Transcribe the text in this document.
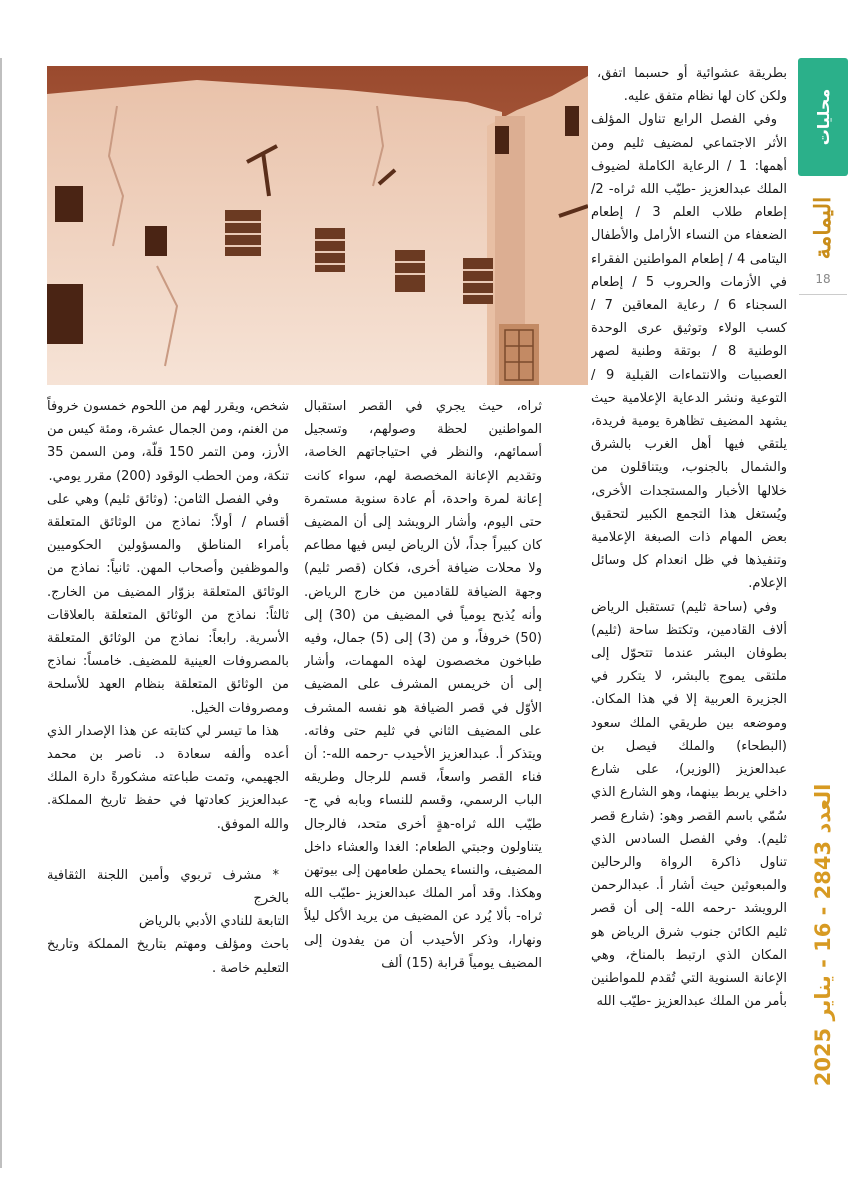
محليات
اليمامة
18
العدد 2843 - 16 - يناير 2025

بطريقة عشوائية أو حسبما اتفق، ولكن كان لها نظام متفق عليه.

وفي الفصل الرابع تناول المؤلف الأثر الاجتماعي لمضيف ثليم ومن أهمها: 1 / الرعاية الكاملة لضيوف الملك عبدالعزيز -طيّب الله ثراه- 2/ إطعام طلاب العلم 3 / إطعام الضعفاء من النساء الأرامل والأطفال اليتامى 4 / إطعام المواطنين الفقراء في الأزمات والحروب 5 / إطعام السجناء 6 / رعاية المعاقين 7 / كسب الولاء وتوثيق عرى الوحدة الوطنية 8 / بوتقة وطنية لصهر العصبيات والانتماءات القبلية 9 / التوعية ونشر الدعاية الإعلامية حيث يشهد المضيف تظاهرة يومية فريدة، يلتقي فيها أهل الغرب بالشرق والشمال بالجنوب، ويتناقلون من خلالها الأخبار والمستجدات الأخرى، ويُستغل هذا التجمع الكبير لتحقيق بعض المهام ذات الصبغة الإعلامية وتنفيذها في ظل انعدام كل وسائل الإعلام.

وفي (ساحة ثليم) تستقبل الرياض ألاف القادمين، وتكتظ ساحة (ثليم) بطوفان البشر عندما تتحوّل إلى ملتقى يموج بالبشر، لا يتكرر في الجزيرة العربية إلا في هذا المكان. وموضعه بين طريقي الملك سعود (البطحاء) والملك فيصل بن عبدالعزيز (الوزير)، على شارع داخلي يربط بينهما، وهو الشارع الذي سُمّي باسم القصر وهو: (شارع قصر ثليم). وفي الفصل السادس الذي تناول ذاكرة الرواة والرحالين والمبعوثين حيث أشار أ. عبدالرحمن الرويشد -رحمه الله- إلى أن قصر ثليم الكائن جنوب شرق الرياض هو المكان الذي ارتبط بالمناخ، وهي الإعانة السنوية التي تُقدم للمواطنين بأمر من الملك عبدالعزيز -طيّب الله

ثراه، حيث يجري في القصر استقبال المواطنين لحظة وصولهم، وتسجيل أسمائهم، والنظر في احتياجاتهم الخاصة، وتقديم الإعانة المخصصة لهم، سواء كانت إعانة لمرة واحدة، أم عادة سنوية مستمرة حتى اليوم، وأشار الرويشد إلى أن المضيف كان كبيراً جداً، لأن الرياض ليس فيها مطاعم ولا محلات ضيافة أخرى، فكان (قصر ثليم) وجهة الضيافة للقادمين من خارج الرياض. وأنه يُذبح يومياً في المضيف من (30) إلى (50) خروفاً، و من (3) إلى (5) جمال، وفيه طباخون مخصصون لهذه المهمات، وأشار إلى أن خريمس المشرف على المضيف الأوّل في قصر الضيافة هو نفسه المشرف على المضيف الثاني في ثليم حتى وفاته. ويتذكر أ. عبدالعزيز الأحيدب -رحمه الله-: أن فناء القصر واسعاً، قسم للرجال وطريقه الباب الرسمي، وقسم للنساء وبابه في ج-طيّب الله ثراه-هةٍ أخرى متحد، فالرجال يتناولون وجبتي الطعام: الغدا والعشاء داخل المضيف، والنساء يحملن طعامهن إلى بيوتهن وهكذا. وقد أمر الملك عبدالعزيز -طيّب الله ثراه- بألا يُرد عن المضيف من يريد الأكل ليلاً ونهارا، وذكر الأحيدب أن من يفدون إلى المضيف يومياً قرابة (15) ألف

شخص، ويقرر لهم من اللحوم خمسون خروفاً من الغنم، ومن الجمال عشرة، ومئة كيس من الأرز، ومن التمر 150 قلّة، ومن السمن 35 تنكة، ومن الحطب الوقود (200) مقرر يومي.

وفي الفصل الثامن: (وثائق ثليم) وهي على أقسام / أولاً: نماذج من الوثائق المتعلقة بأمراء المناطق والمسؤولين الحكوميين والموظفين وأصحاب المهن. ثانياً: نماذج من الوثائق المتعلقة بزوّار المضيف من الخارج. ثالثاً: نماذج من الوثائق المتعلقة بالعلاقات الأسرية. رابعاً: نماذج من الوثائق المتعلقة بالمصروفات العينية للمضيف. خامساً: نماذج من الوثائق المتعلقة بنظام العهد للأسلحة ومصروفات الخيل.

هذا ما تيسر لي كتابته عن هذا الإصدار الذي أعده وألفه سعادة د. ناصر بن محمد الجهيمي، وتمت طباعته مشكورةً دارة الملك عبدالعزيز كعادتها في حفظ تاريخ المملكة. والله الموفق.

* مشرف تربوي وأمين اللجنة الثقافية بالخرج

التابعة للنادي الأدبي بالرياض

باحث ومؤلف ومهتم بتاريخ المملكة وتاريخ التعليم خاصة .
